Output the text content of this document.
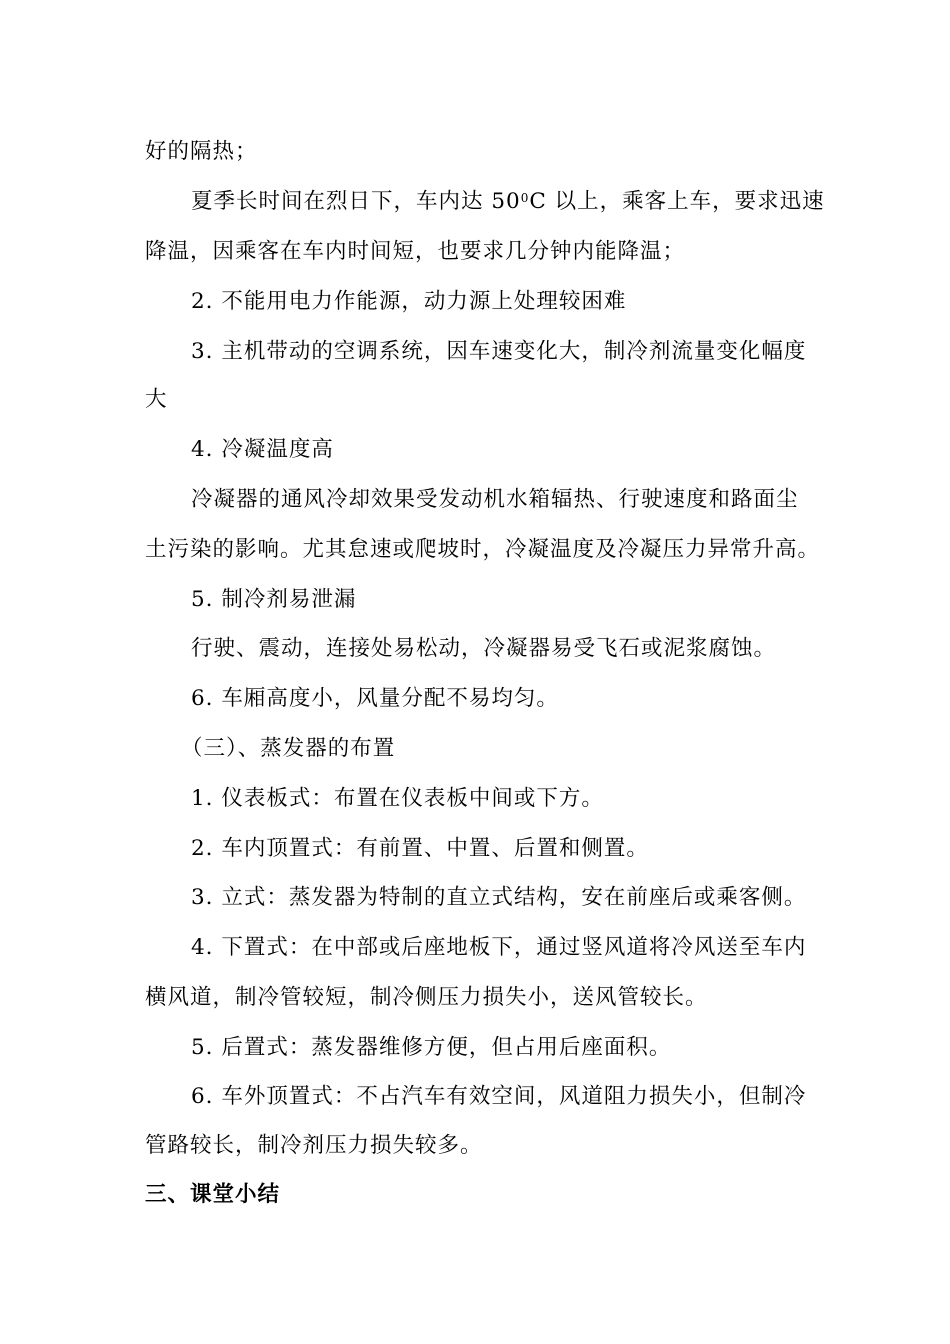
好的隔热；
夏季长时间在烈日下，车内达 $50^0C$ 以上，乘客上车，要求迅速
降温，因乘客在车内时间短，也要求几分钟内能降温；
2. 不能用电力作能源，动力源上处理较困难
3. 主机带动的空调系统，因车速变化大，制冷剂流量变化幅度
大
4. 冷凝温度高
冷凝器的通风冷却效果受发动机水箱辐热、行驶速度和路面尘
土污染的影响。尤其怠速或爬坡时，冷凝温度及冷凝压力异常升高。
5. 制冷剂易泄漏
行驶、震动，连接处易松动，冷凝器易受飞石或泥浆腐蚀。
6. 车厢高度小，风量分配不易均匀。
（三）、蒸发器的布置
1. 仪表板式：布置在仪表板中间或下方。
2. 车内顶置式：有前置、中置、后置和侧置。
3. 立式：蒸发器为特制的直立式结构，安在前座后或乘客侧。
4. 下置式：在中部或后座地板下，通过竖风道将冷风送至车内
横风道，制冷管较短，制冷侧压力损失小，送风管较长。
5. 后置式：蒸发器维修方便，但占用后座面积。
6. 车外顶置式：不占汽车有效空间，风道阻力损失小，但制冷
管路较长，制冷剂压力损失较多。
三、课堂小结
